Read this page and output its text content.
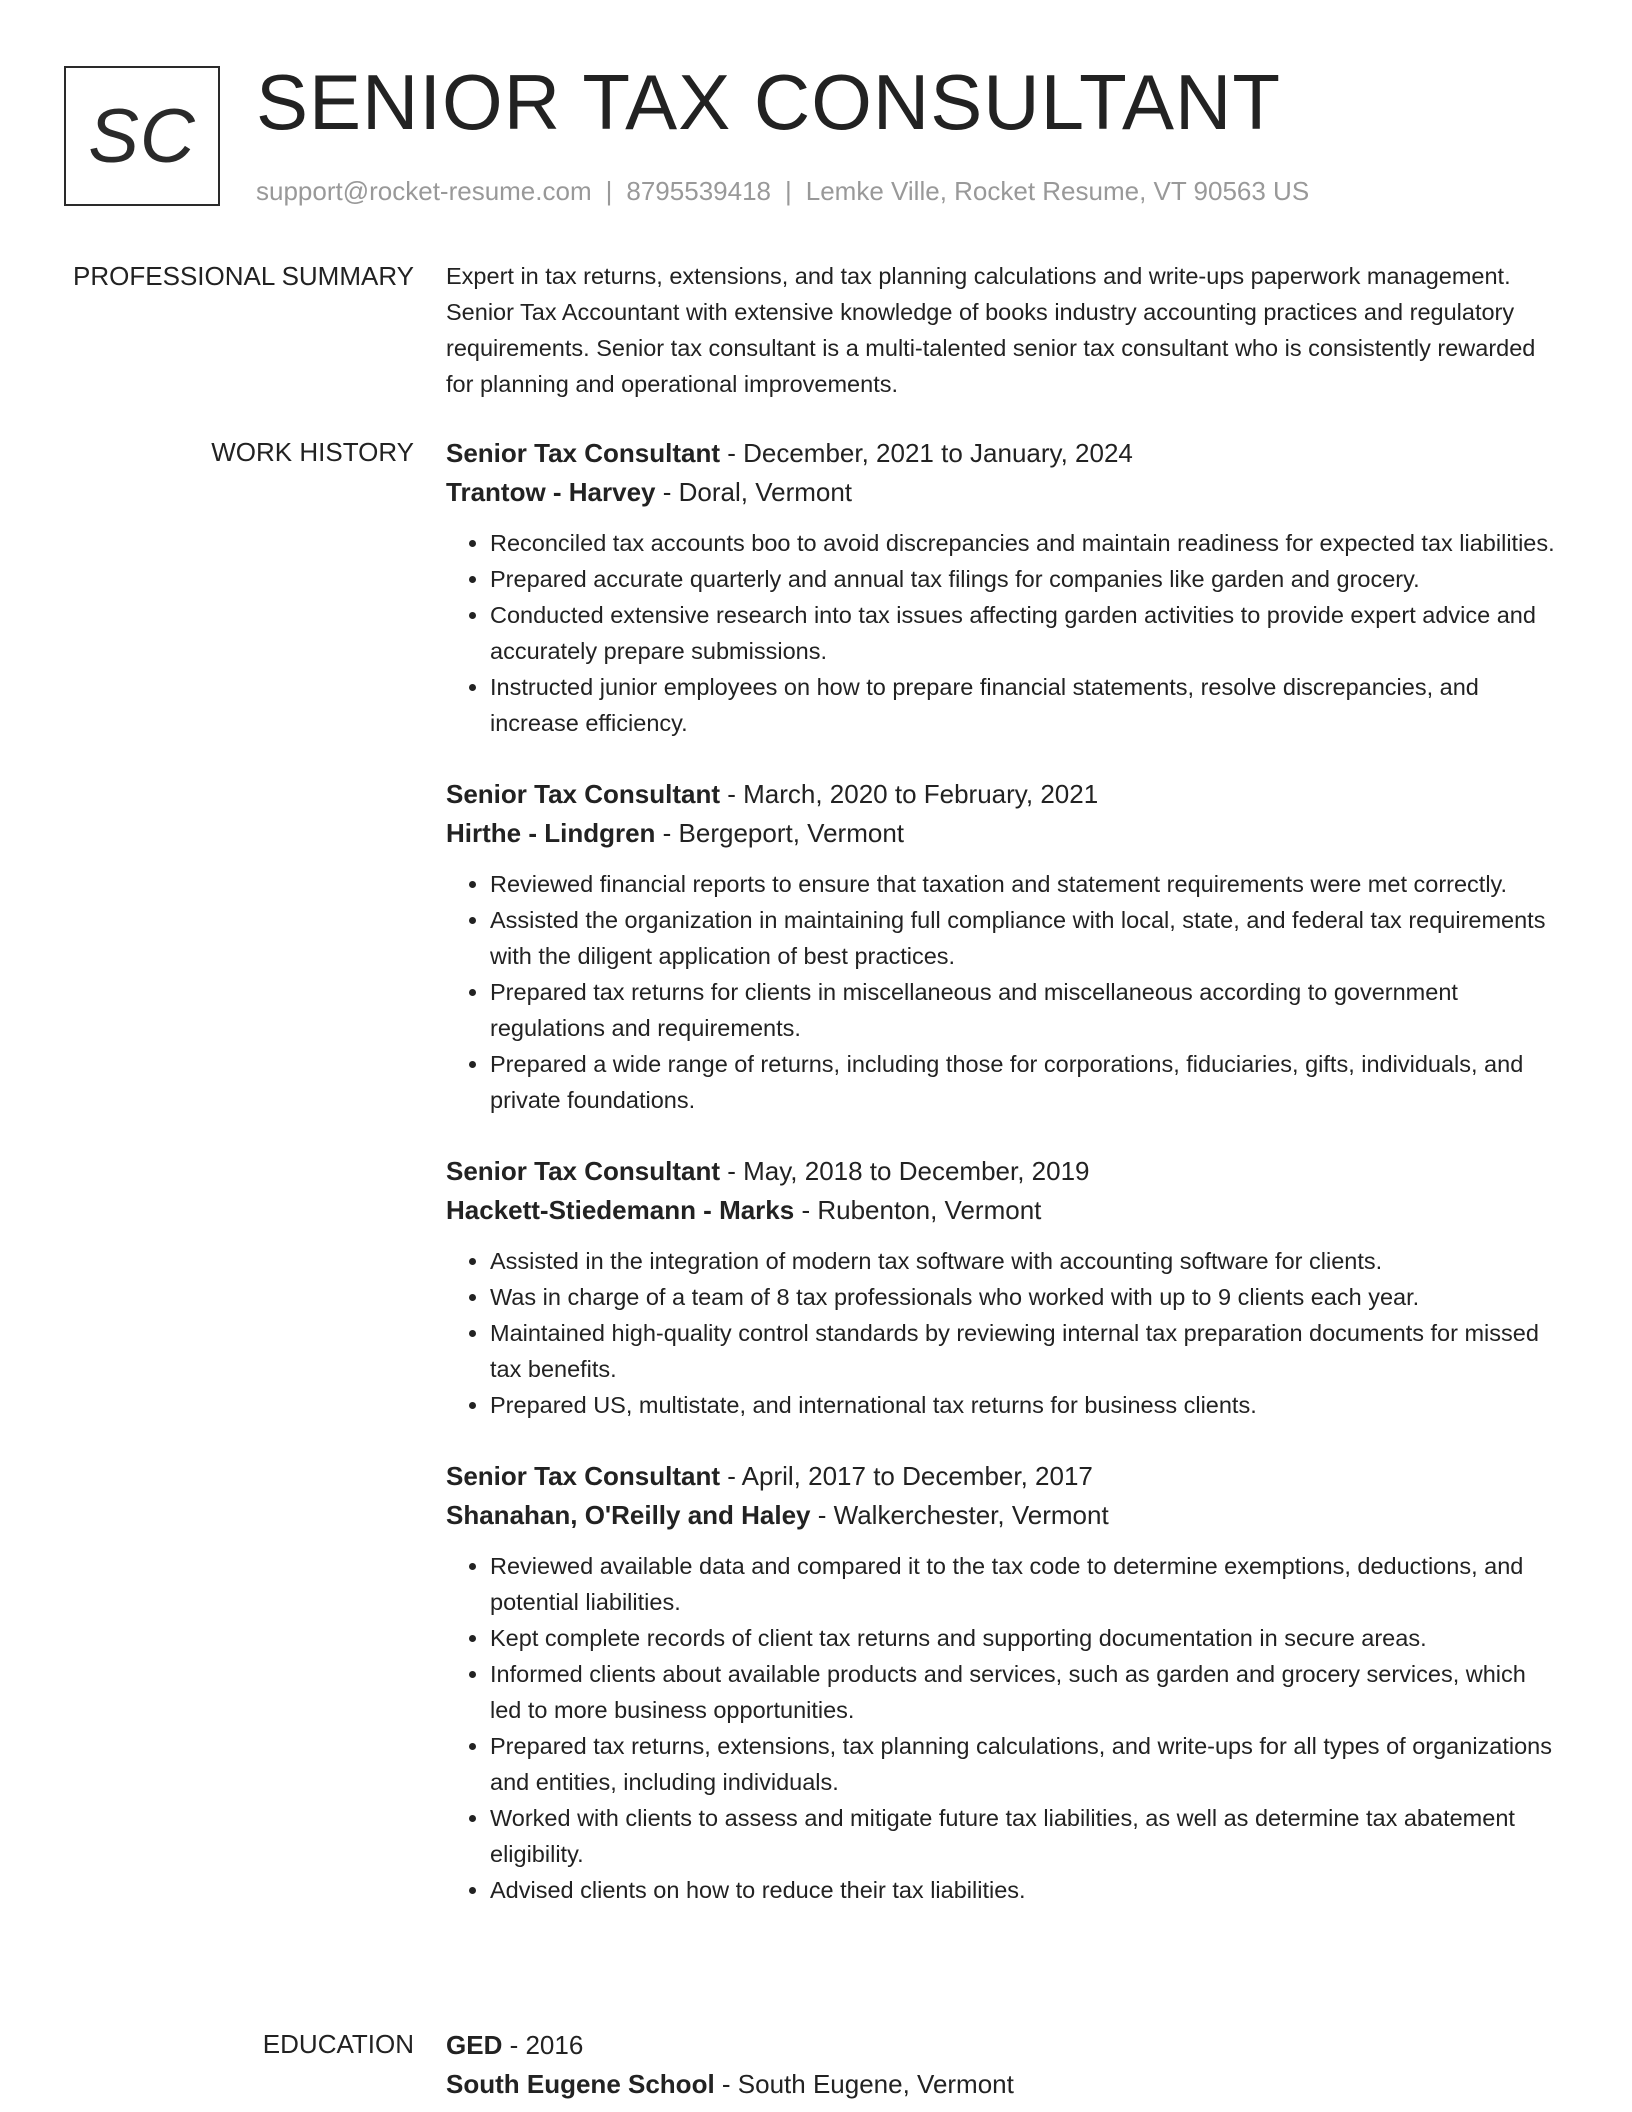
SC SENIOR TAX CONSULTANT
support@rocket-resume.com | 8795539418 | Lemke Ville, Rocket Resume, VT 90563 US
PROFESSIONAL SUMMARY Expert in tax returns, extensions, and tax planning calculations and write-ups paperwork management. Senior Tax Accountant with extensive knowledge of books industry accounting practices and regulatory requirements. Senior tax consultant is a multi-talented senior tax consultant who is consistently rewarded for planning and operational improvements.
WORK HISTORY Senior Tax Consultant - December, 2021 to January, 2024
Trantow - Harvey - Doral, Vermont
• Reconciled tax accounts boo to avoid discrepancies and maintain readiness for expected tax liabilities.
• Prepared accurate quarterly and annual tax filings for companies like garden and grocery.
• Conducted extensive research into tax issues affecting garden activities to provide expert advice and accurately prepare submissions.
• Instructed junior employees on how to prepare financial statements, resolve discrepancies, and increase efficiency.
Senior Tax Consultant - March, 2020 to February, 2021
Hirthe - Lindgren - Bergeport, Vermont
• Reviewed financial reports to ensure that taxation and statement requirements were met correctly.
• Assisted the organization in maintaining full compliance with local, state, and federal tax requirements with the diligent application of best practices.
• Prepared tax returns for clients in miscellaneous and miscellaneous according to government regulations and requirements.
• Prepared a wide range of returns, including those for corporations, fiduciaries, gifts, individuals, and private foundations.
Senior Tax Consultant - May, 2018 to December, 2019
Hackett-Stiedemann - Marks - Rubenton, Vermont
• Assisted in the integration of modern tax software with accounting software for clients.
• Was in charge of a team of 8 tax professionals who worked with up to 9 clients each year.
• Maintained high-quality control standards by reviewing internal tax preparation documents for missed tax benefits.
• Prepared US, multistate, and international tax returns for business clients.
Senior Tax Consultant - April, 2017 to December, 2017
Shanahan, O'Reilly and Haley - Walkerchester, Vermont
• Reviewed available data and compared it to the tax code to determine exemptions, deductions, and potential liabilities.
• Kept complete records of client tax returns and supporting documentation in secure areas.
• Informed clients about available products and services, such as garden and grocery services, which led to more business opportunities.
• Prepared tax returns, extensions, tax planning calculations, and write-ups for all types of organizations and entities, including individuals.
• Worked with clients to assess and mitigate future tax liabilities, as well as determine tax abatement eligibility.
• Advised clients on how to reduce their tax liabilities.
EDUCATION GED - 2016
South Eugene School - South Eugene, Vermont
